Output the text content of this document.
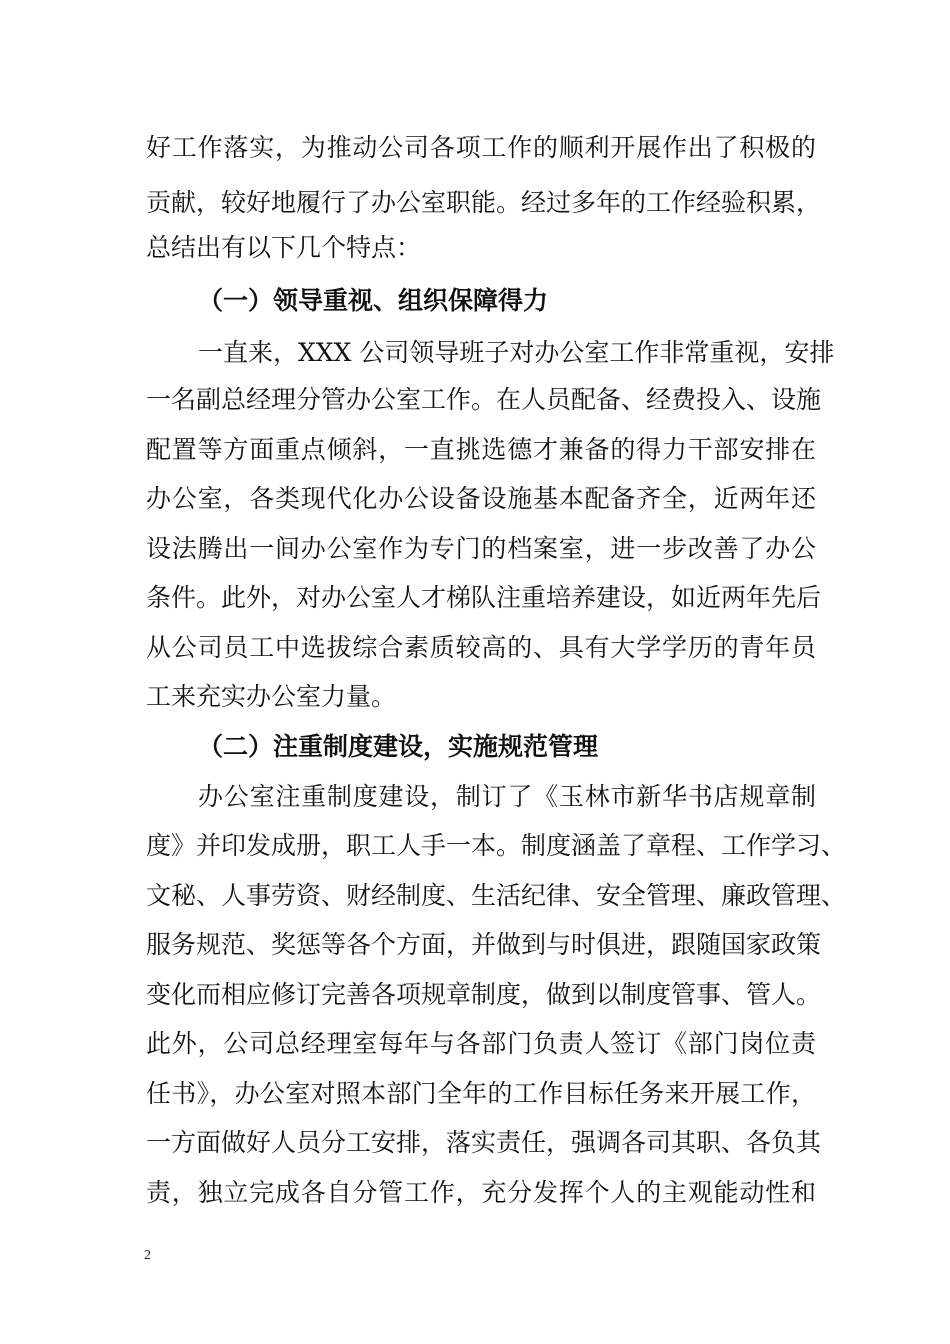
好工作落实，为推动公司各项工作的顺利开展作出了积极的
贡献，较好地履行了办公室职能。经过多年的工作经验积累，
总结出有以下几个特点：
（一）领导重视、组织保障得力
一直来，XXX 公司领导班子对办公室工作非常重视，安排
一名副总经理分管办公室工作。在人员配备、经费投入、设施
配置等方面重点倾斜，一直挑选德才兼备的得力干部安排在
办公室，各类现代化办公设备设施基本配备齐全，近两年还
设法腾出一间办公室作为专门的档案室，进一步改善了办公
条件。此外，对办公室人才梯队注重培养建设，如近两年先后
从公司员工中选拔综合素质较高的、具有大学学历的青年员
工来充实办公室力量。
（二）注重制度建设，实施规范管理
办公室注重制度建设，制订了《玉林市新华书店规章制
度》并印发成册，职工人手一本。制度涵盖了章程、工作学习、
文秘、人事劳资、财经制度、生活纪律、安全管理、廉政管理、
服务规范、奖惩等各个方面，并做到与时俱进，跟随国家政策
变化而相应修订完善各项规章制度，做到以制度管事、管人。
此外，公司总经理室每年与各部门负责人签订《部门岗位责
任书》，办公室对照本部门全年的工作目标任务来开展工作，
一方面做好人员分工安排，落实责任，强调各司其职、各负其
责，独立完成各自分管工作，充分发挥个人的主观能动性和
2
